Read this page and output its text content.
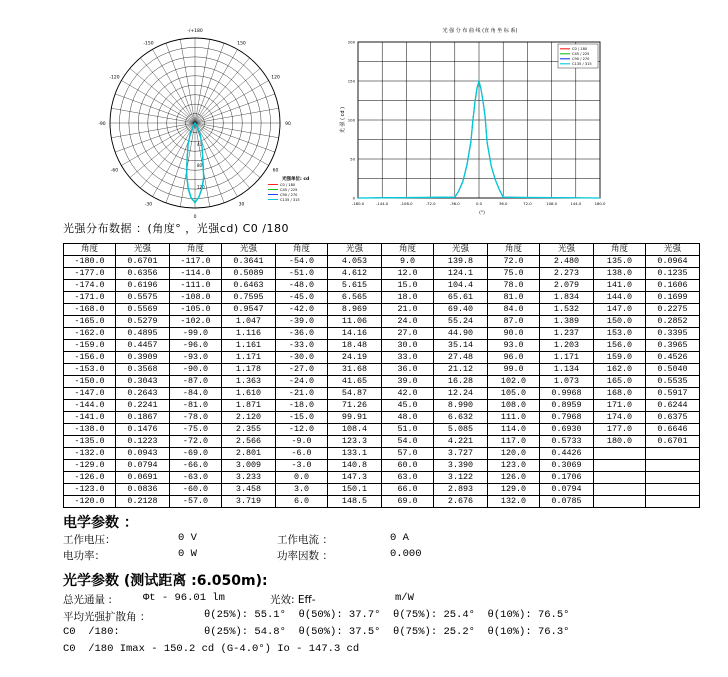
-/+180
150
-150
120
-120
90
-90
60
-60
30
-30
0
40
80
120
光强单位: cd
C0 / 180
C45 / 225
C90 / 270
C135 / 315
光 强 分 布 曲 线 (直 角 坐 标 系)
光 强 ( cd )
(°)
-180.0	-144.0	-108.0	-72.0	-36.0	0.0	36.0	72.0	108.0	144.0	180.0
0
50
100
150
200
C0 / 180
C45 / 225
C90 / 270
C135 / 315
光强分布数据 ：(角度° ，光强cd) C0 /180
角度	光强	角度	光强	角度	光强	角度	光强	角度	光强	角度	光强
-180.0	0.6701	-117.0	0.3641	-54.0	4.053	9.0	139.8	72.0	2.480	135.0	0.0964
-177.0	0.6356	-114.0	0.5089	-51.0	4.612	12.0	124.1	75.0	2.273	138.0	0.1235
-174.0	0.6196	-111.0	0.6463	-48.0	5.615	15.0	104.4	78.0	2.079	141.0	0.1606
-171.0	0.5575	-108.0	0.7595	-45.0	6.565	18.0	65.61	81.0	1.834	144.0	0.1699
-168.0	0.5569	-105.0	0.9547	-42.0	8.969	21.0	69.40	84.0	1.532	147.0	0.2275
-165.0	0.5279	-102.0	1.047	-39.0	11.06	24.0	55.24	87.0	1.389	150.0	0.2852
-162.0	0.4895	-99.0	1.116	-36.0	14.16	27.0	44.90	90.0	1.237	153.0	0.3395
-159.0	0.4457	-96.0	1.161	-33.0	18.48	30.0	35.14	93.0	1.203	156.0	0.3965
-156.0	0.3909	-93.0	1.171	-30.0	24.19	33.0	27.48	96.0	1.171	159.0	0.4526
-153.0	0.3568	-90.0	1.178	-27.0	31.68	36.0	21.12	99.0	1.134	162.0	0.5040
-150.0	0.3043	-87.0	1.363	-24.0	41.65	39.0	16.28	102.0	1.073	165.0	0.5535
-147.0	0.2643	-84.0	1.610	-21.0	54.87	42.0	12.24	105.0	0.9968	168.0	0.5917
-144.0	0.2241	-81.0	1.871	-18.0	71.26	45.0	8.990	108.0	0.8959	171.0	0.6244
-141.0	0.1867	-78.0	2.120	-15.0	99.91	48.0	6.632	111.0	0.7968	174.0	0.6375
-138.0	0.1476	-75.0	2.355	-12.0	108.4	51.0	5.085	114.0	0.6930	177.0	0.6646
-135.0	0.1223	-72.0	2.566	-9.0	123.3	54.0	4.221	117.0	0.5733	180.0	0.6701
-132.0	0.0943	-69.0	2.801	-6.0	133.1	57.0	3.727	120.0	0.4426		
-129.0	0.0794	-66.0	3.009	-3.0	140.8	60.0	3.390	123.0	0.3069		
-126.0	0.0691	-63.0	3.233	0.0	147.3	63.0	3.122	126.0	0.1706		
-123.0	0.0836	-60.0	3.458	3.0	150.1	66.0	2.893	129.0	0.0794		
-120.0	0.2128	-57.0	3.719	6.0	148.5	69.0	2.676	132.0	0.0785		
电学参数 ：
工作电压：	0 V	工作电流 ：	0 A
电功率：	0 W	功率因数 ：	0.000
光学参数 (测试距离 :6.050m):
总光通量 :	Φt - 96.01 lm	光效: Eff-	m/W
平均光强扩散角 ：	θ(25%): 55.1°  θ(50%): 37.7°  θ(75%): 25.4°  θ(10%): 76.5°
C0  /180:	θ(25%): 54.8°  θ(50%): 37.5°  θ(75%): 25.2°  θ(10%): 76.3°
C0  /180 Imax - 150.2 cd (G-4.0°) Io - 147.3 cd
